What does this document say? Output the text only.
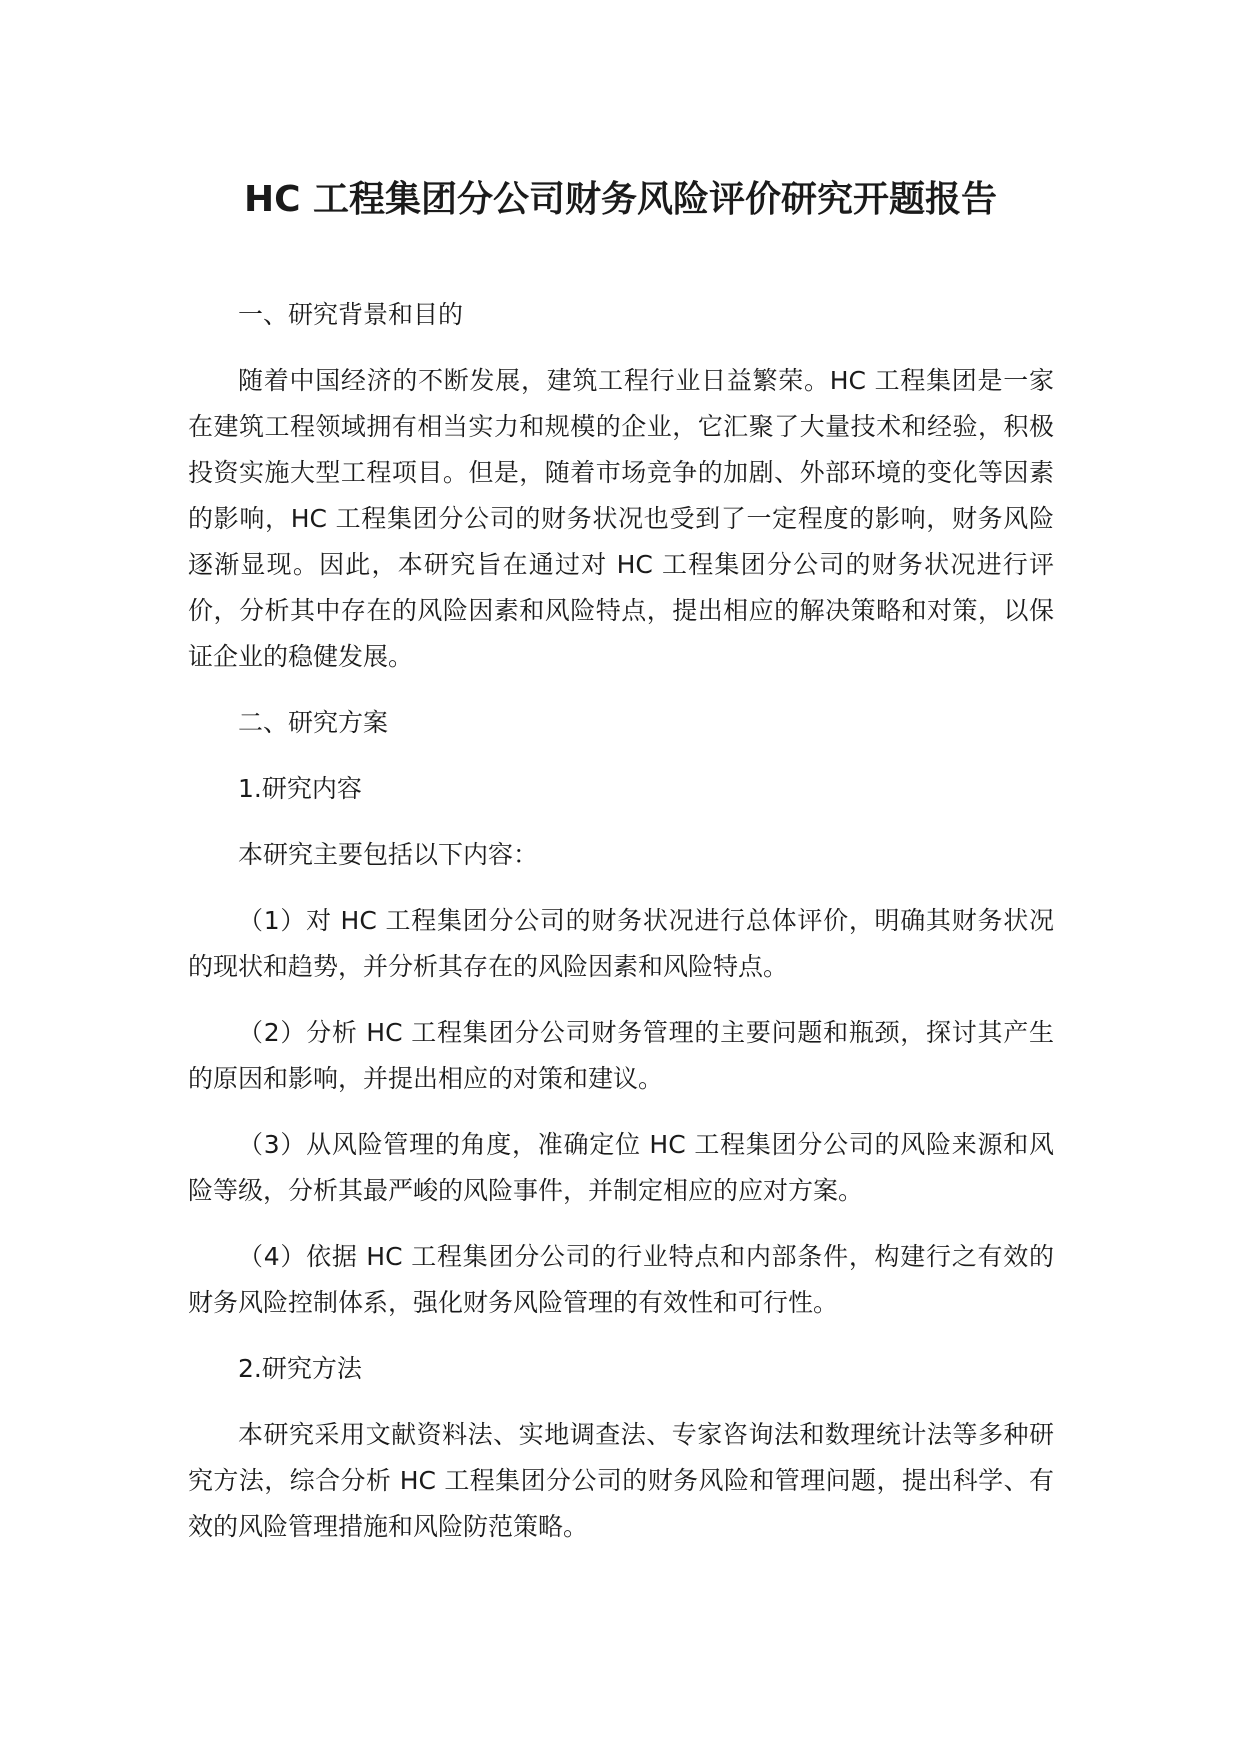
HC 工程集团分公司财务风险评价研究开题报告

一、研究背景和目的

随着中国经济的不断发展，建筑工程行业日益繁荣。HC 工程集团是一家在建筑工程领域拥有相当实力和规模的企业，它汇聚了大量技术和经验，积极投资实施大型工程项目。但是，随着市场竞争的加剧、外部环境的变化等因素的影响，HC 工程集团分公司的财务状况也受到了一定程度的影响，财务风险逐渐显现。因此，本研究旨在通过对 HC 工程集团分公司的财务状况进行评价，分析其中存在的风险因素和风险特点，提出相应的解决策略和对策，以保证企业的稳健发展。

二、研究方案

1.研究内容

本研究主要包括以下内容：

（1）对 HC 工程集团分公司的财务状况进行总体评价，明确其财务状况的现状和趋势，并分析其存在的风险因素和风险特点。

（2）分析 HC 工程集团分公司财务管理的主要问题和瓶颈，探讨其产生的原因和影响，并提出相应的对策和建议。

（3）从风险管理的角度，准确定位 HC 工程集团分公司的风险来源和风险等级，分析其最严峻的风险事件，并制定相应的应对方案。

（4）依据 HC 工程集团分公司的行业特点和内部条件，构建行之有效的财务风险控制体系，强化财务风险管理的有效性和可行性。

2.研究方法

本研究采用文献资料法、实地调查法、专家咨询法和数理统计法等多种研究方法，综合分析 HC 工程集团分公司的财务风险和管理问题，提出科学、有效的风险管理措施和风险防范策略。
